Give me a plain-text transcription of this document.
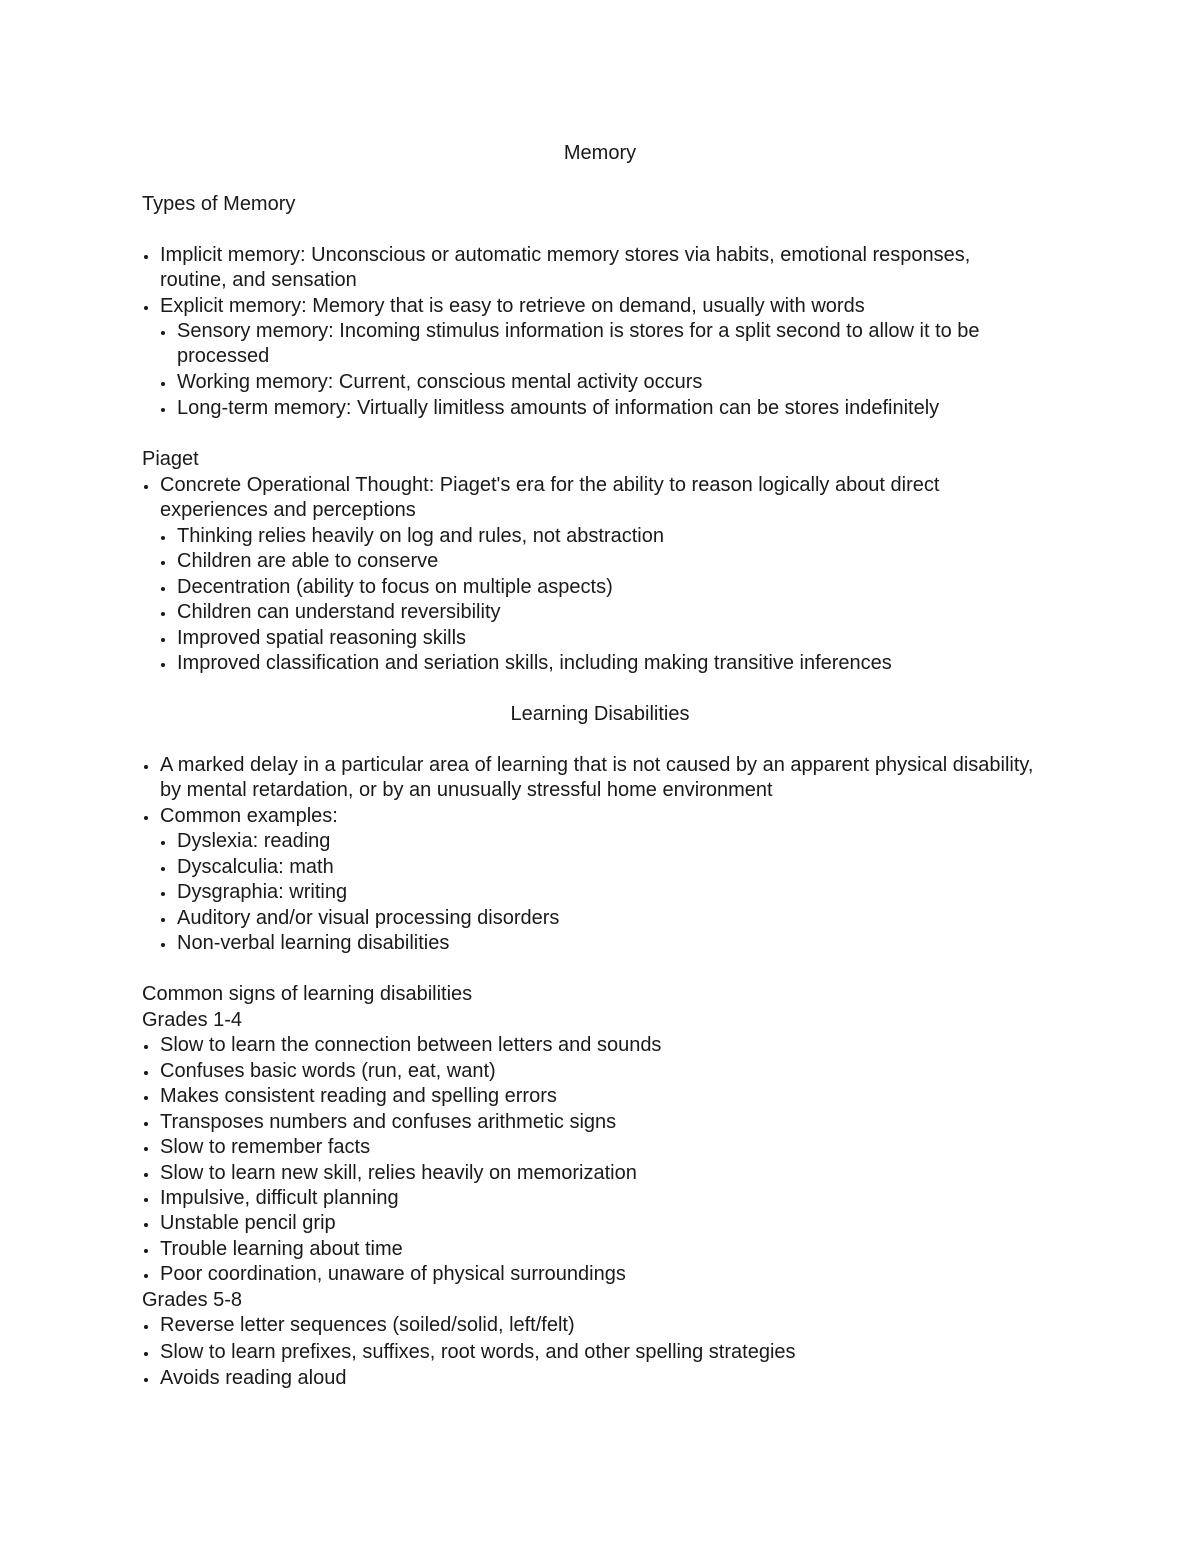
Memory
Types of Memory
Implicit memory: Unconscious or automatic memory stores via habits, emotional responses, routine, and sensation
Explicit memory: Memory that is easy to retrieve on demand, usually with words
Sensory memory: Incoming stimulus information is stores for a split second to allow it to be processed
Working memory: Current, conscious mental activity occurs
Long-term memory: Virtually limitless amounts of information can be stores indefinitely
Piaget
Concrete Operational Thought: Piaget's era for the ability to reason logically about direct experiences and perceptions
Thinking relies heavily on log and rules, not abstraction
Children are able to conserve
Decentration (ability to focus on multiple aspects)
Children can understand reversibility
Improved spatial reasoning skills
Improved classification and seriation skills, including making transitive inferences
Learning Disabilities
A marked delay in a particular area of learning that is not caused by an apparent physical disability, by mental retardation, or by an unusually stressful home environment
Common examples:
Dyslexia: reading
Dyscalculia: math
Dysgraphia: writing
Auditory and/or visual processing disorders
Non-verbal learning disabilities
Common signs of learning disabilities
Grades 1-4
Slow to learn the connection between letters and sounds
Confuses basic words (run, eat, want)
Makes consistent reading and spelling errors
Transposes numbers and confuses arithmetic signs
Slow to remember facts
Slow to learn new skill, relies heavily on memorization
Impulsive, difficult planning
Unstable pencil grip
Trouble learning about time
Poor coordination, unaware of physical surroundings
Grades 5-8
Reverse letter sequences (soiled/solid, left/felt)
Slow to learn prefixes, suffixes, root words, and other spelling strategies
Avoids reading aloud
